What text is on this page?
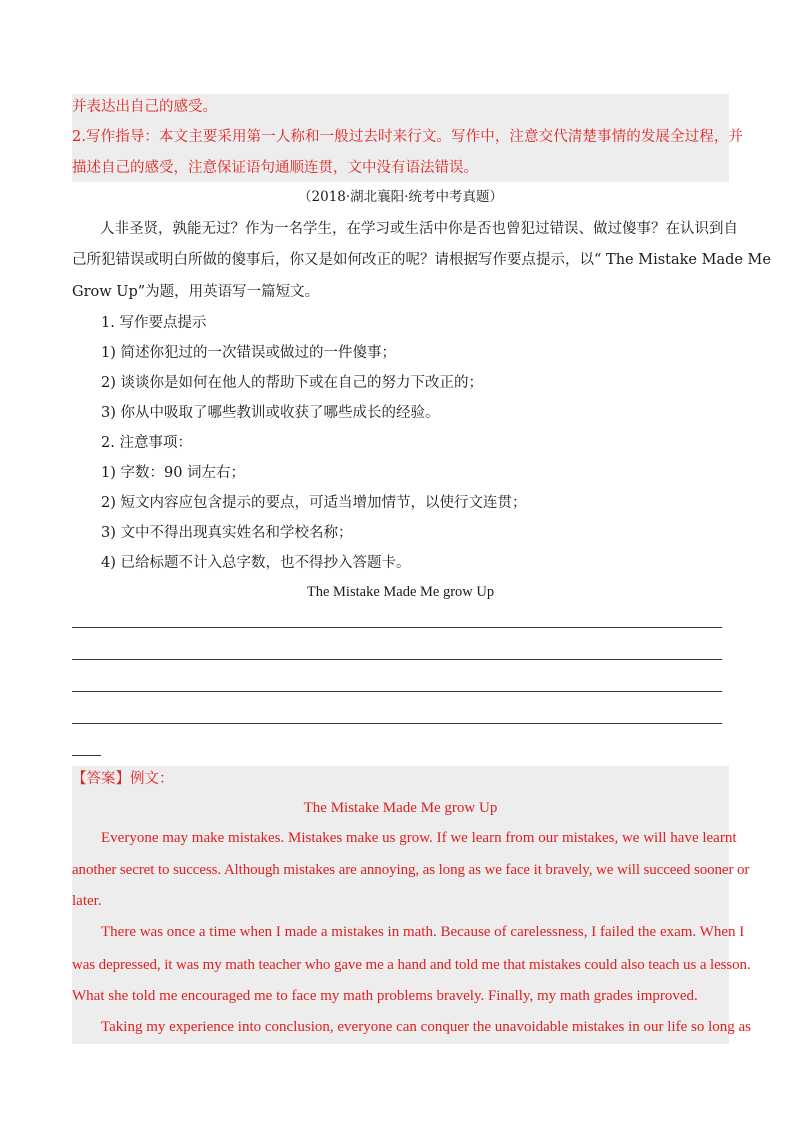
并表达出自己的感受。
2.写作指导：本文主要采用第一人称和一般过去时来行文。写作中，注意交代清楚事情的发展全过程，并
描述自己的感受，注意保证语句通顺连贯，文中没有语法错误。
（2018·湖北襄阳·统考中考真题）
人非圣贤，孰能无过？作为一名学生，在学习或生活中你是否也曾犯过错误、做过傻事？在认识到自
己所犯错误或明白所做的傻事后，你又是如何改正的呢？请根据写作要点提示，以“ The Mistake Made Me
Grow Up”为题，用英语写一篇短文。
1. 写作要点提示
1) 简述你犯过的一次错误或做过的一件傻事；
2) 谈谈你是如何在他人的帮助下或在自己的努力下改正的；
3) 你从中吸取了哪些教训或收获了哪些成长的经验。
2. 注意事项：
1) 字数：90 词左右；
2) 短文内容应包含提示的要点，可适当增加情节，以使行文连贯；
3) 文中不得出现真实姓名和学校名称；
4) 已给标题不计入总字数，也不得抄入答题卡。
The Mistake Made Me grow Up
【答案】例文：
The Mistake Made Me grow Up
Everyone may make mistakes. Mistakes make us grow. If we learn from our mistakes, we will have learnt
another secret to success. Although mistakes are annoying, as long as we face it bravely, we will succeed sooner or
later.
There was once a time when I made a mistakes in math. Because of carelessness, I failed the exam. When I
was depressed, it was my math teacher who gave me a hand and told me that mistakes could also teach us a lesson.
What she told me encouraged me to face my math problems bravely. Finally, my math grades improved.
Taking my experience into conclusion, everyone can conquer the unavoidable mistakes in our life so long as
